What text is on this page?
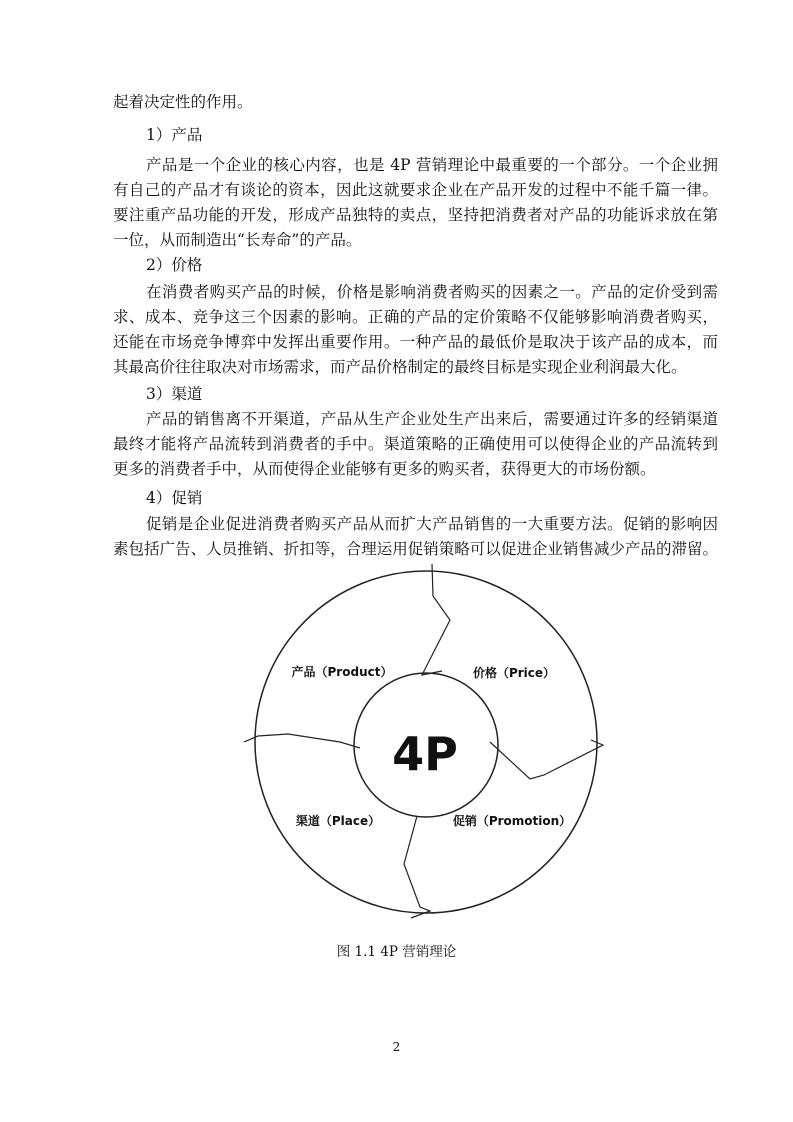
起着决定性的作用。
1）产品
产品是一个企业的核心内容，也是 4P 营销理论中最重要的一个部分。一个企业拥
有自己的产品才有谈论的资本，因此这就要求企业在产品开发的过程中不能千篇一律。
要注重产品功能的开发，形成产品独特的卖点，坚持把消费者对产品的功能诉求放在第
一位，从而制造出“长寿命”的产品。
2）价格
在消费者购买产品的时候，价格是影响消费者购买的因素之一。产品的定价受到需
求、成本、竞争这三个因素的影响。正确的产品的定价策略不仅能够影响消费者购买，
还能在市场竞争博弈中发挥出重要作用。一种产品的最低价是取决于该产品的成本，而
其最高价往往取决对市场需求，而产品价格制定的最终目标是实现企业利润最大化。
3）渠道
产品的销售离不开渠道，产品从生产企业处生产出来后，需要通过许多的经销渠道
最终才能将产品流转到消费者的手中。渠道策略的正确使用可以使得企业的产品流转到
更多的消费者手中，从而使得企业能够有更多的购买者，获得更大的市场份额。
4）促销
促销是企业促进消费者购买产品从而扩大产品销售的一大重要方法。促销的影响因
素包括广告、人员推销、折扣等，合理运用促销策略可以促进企业销售减少产品的滞留。
4P
产品（Product）	价格（Price）
渠道（Place）	促销（Promotion）
图 1.1 4P 营销理论
2
